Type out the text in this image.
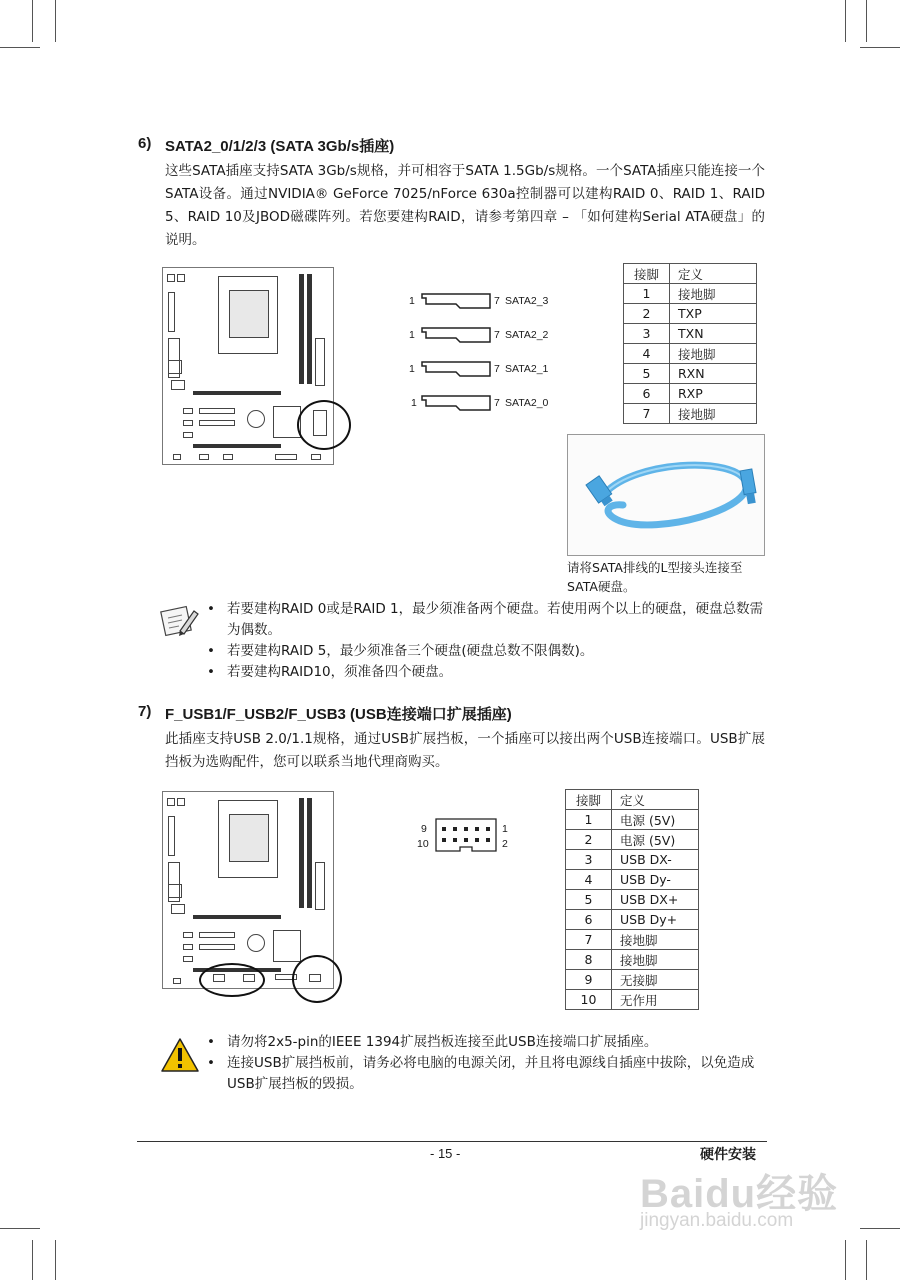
6) SATA2_0/1/2/3 (SATA 3Gb/s插座)
这些SATA插座支持SATA 3Gb/s规格，并可相容于SATA 1.5Gb/s规格。一个SATA插座只能连接一个SATA设备。通过NVIDIA® GeForce 7025/nForce 630a控制器可以建构RAID 0、RAID 1、RAID 5、RAID 10及JBOD磁碟阵列。若您要建构RAID，请参考第四章 – 「如何建构Serial ATA硬盘」的说明。
1	7 SATA2_3
1	7 SATA2_2
1	7 SATA2_1
1	7 SATA2_0
接脚	定义
1	接地脚
2	TXP
3	TXN
4	接地脚
5	RXN
6	RXP
7	接地脚
请将SATA排线的L型接头连接至SATA硬盘。
• 若要建构RAID 0或是RAID 1，最少须准备两个硬盘。若使用两个以上的硬盘，硬盘总数需为偶数。
• 若要建构RAID 5，最少须准备三个硬盘(硬盘总数不限偶数)。
• 若要建构RAID10，须准备四个硬盘。
7) F_USB1/F_USB2/F_USB3 (USB连接端口扩展插座)
此插座支持USB 2.0/1.1规格，通过USB扩展挡板，一个插座可以接出两个USB连接端口。USB扩展挡板为选购配件，您可以联系当地代理商购买。
9
10
1
2
接脚	定义
1	电源 (5V)
2	电源 (5V)
3	USB DX-
4	USB Dy-
5	USB DX+
6	USB Dy+
7	接地脚
8	接地脚
9	无接脚
10	无作用
• 请勿将2x5-pin的IEEE 1394扩展挡板连接至此USB连接端口扩展插座。
• 连接USB扩展挡板前，请务必将电脑的电源关闭，并且将电源线自插座中拔除，以免造成USB扩展挡板的毁损。
- 15 -	硬件安装
Baidu经验
jingyan.baidu.com
